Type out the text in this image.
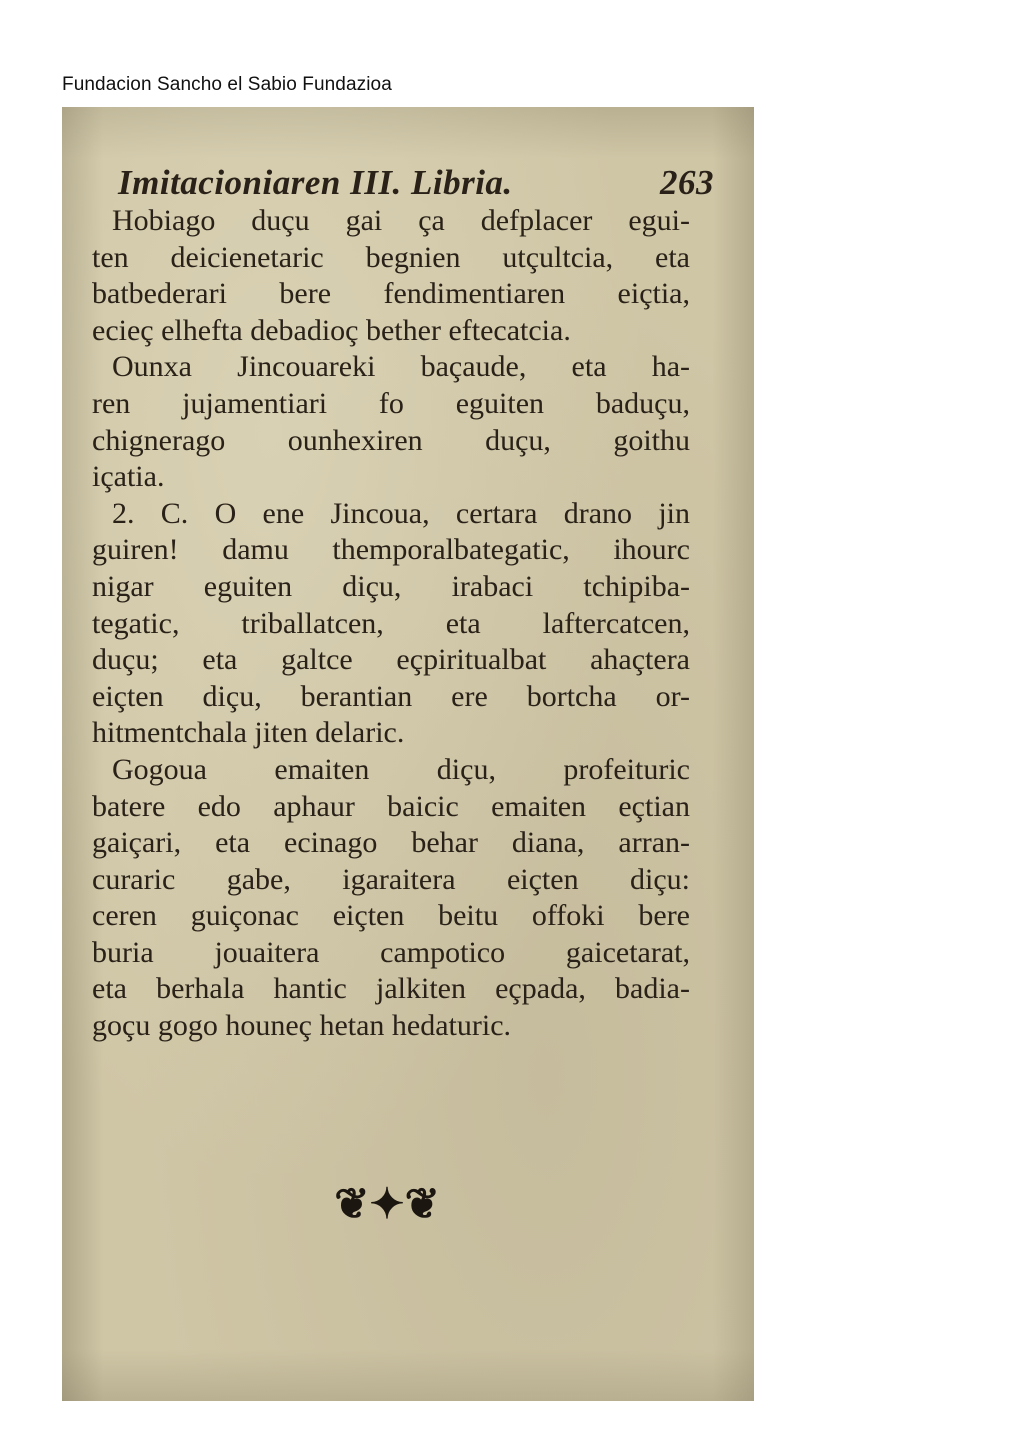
Fundacion Sancho el Sabio Fundazioa
Imitacioniaren III. Libria.	263
Hobiago duçu gai ça defplacer egui-
ten deicienetaric begnien utçultcia, eta
batbederari bere fendimentiaren eiçtia,
ecieç elhefta debadioç bether eftecatcia.
Ounxa Jincouareki baçaude, eta ha-
ren jujamentiari fo eguiten baduçu,
chignerago ounhexiren duçu, goithu
içatia.
2. C. O ene Jincoua, certara drano jin
guiren! damu themporalbategatic, ihourc
nigar eguiten diçu, irabaci tchipiba-
tegatic, triballatcen, eta laftercatcen,
duçu; eta galtce eçpiritualbat ahaçtera
eiçten diçu, berantian ere bortcha or-
hitmentchala jiten delaric.
Gogoua emaiten diçu, profeituric
batere edo aphaur baicic emaiten eçtian
gaiçari, eta ecinago behar diana, arran-
curaric gabe, igaraitera eiçten diçu:
ceren guiçonac eiçten beitu offoki bere
buria jouaitera campotico gaicetarat,
eta berhala hantic jalkiten eçpada, badia-
goçu gogo houneç hetan hedaturic.
❦✦❦
